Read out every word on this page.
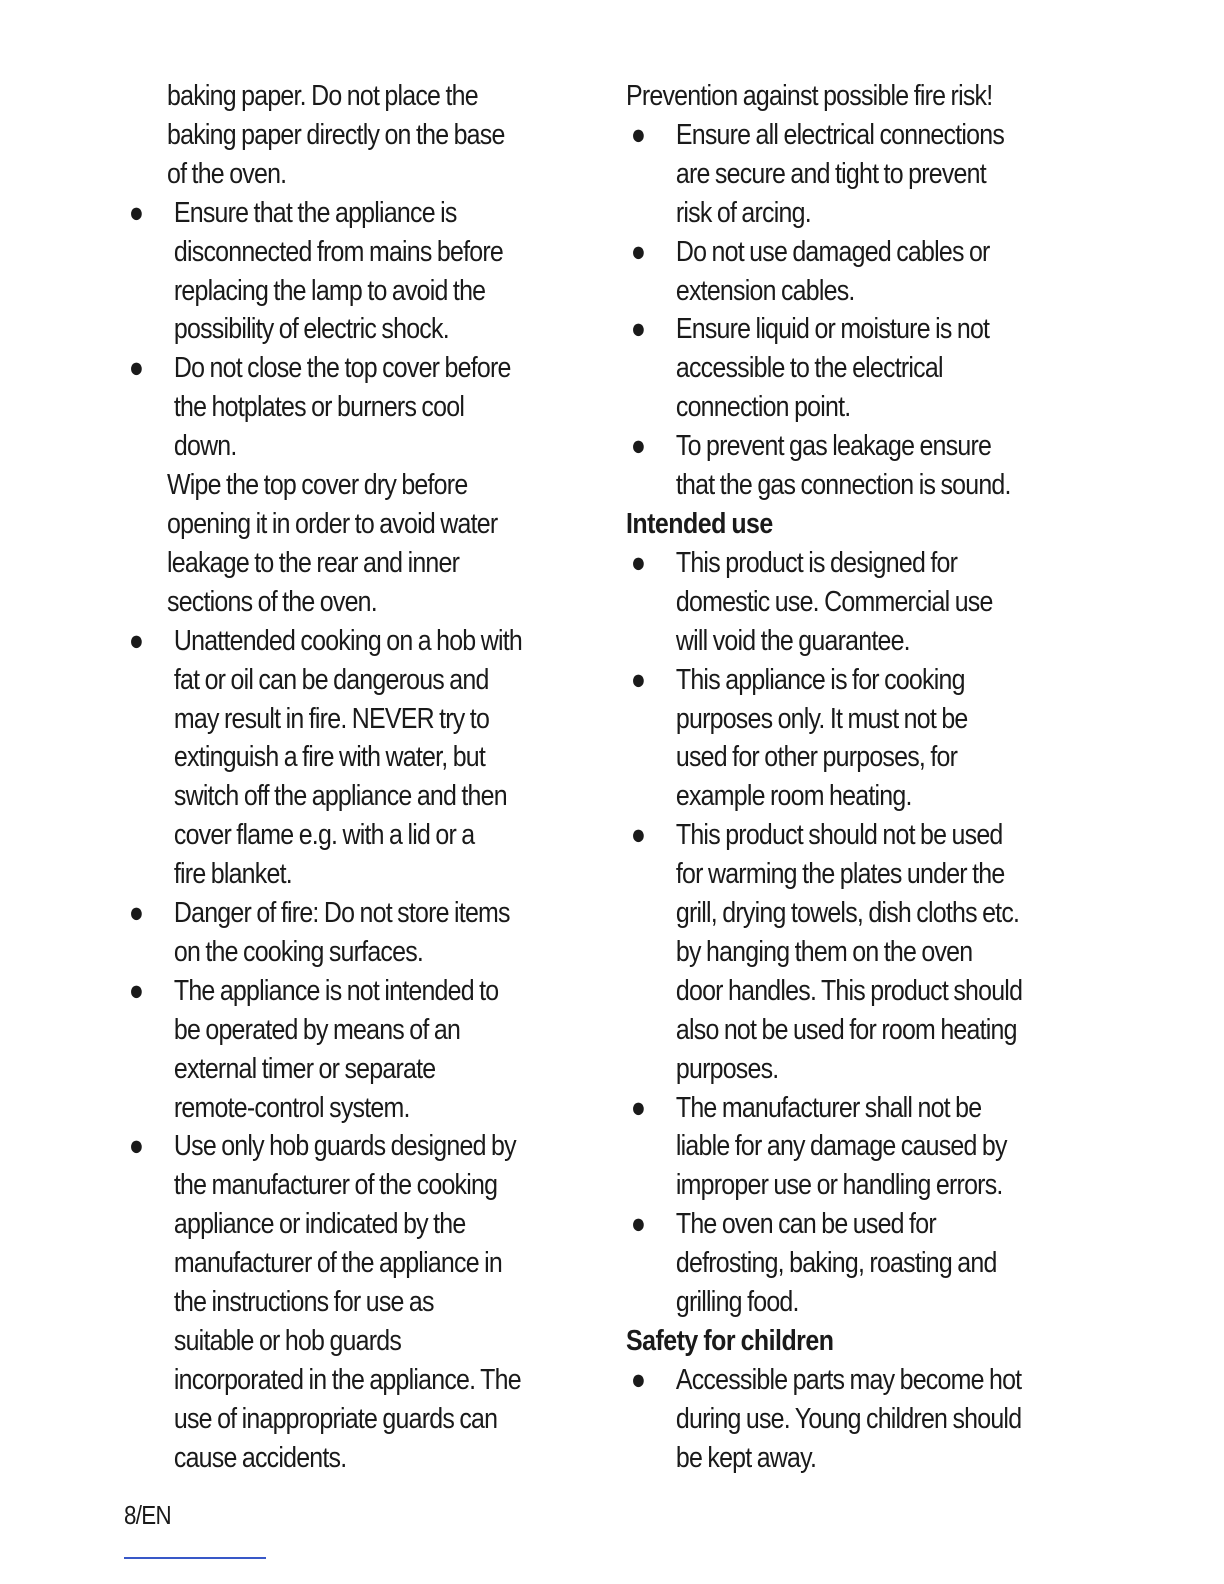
baking paper. Do not place the
baking paper directly on the base
of the oven.
● Ensure that the appliance is
disconnected from mains before
replacing the lamp to avoid the
possibility of electric shock.
● Do not close the top cover before
the hotplates or burners cool
down.
Wipe the top cover dry before
opening it in order to avoid water
leakage to the rear and inner
sections of the oven.
● Unattended cooking on a hob with
fat or oil can be dangerous and
may result in fire. NEVER try to
extinguish a fire with water, but
switch off the appliance and then
cover flame e.g. with a lid or a
fire blanket.
● Danger of fire: Do not store items
on the cooking surfaces.
● The appliance is not intended to
be operated by means of an
external timer or separate
remote-control system.
● Use only hob guards designed by
the manufacturer of the cooking
appliance or indicated by the
manufacturer of the appliance in
the instructions for use as
suitable or hob guards
incorporated in the appliance. The
use of inappropriate guards can
cause accidents.
Prevention against possible fire risk!
● Ensure all electrical connections
are secure and tight to prevent
risk of arcing.
● Do not use damaged cables or
extension cables.
● Ensure liquid or moisture is not
accessible to the electrical
connection point.
● To prevent gas leakage ensure
that the gas connection is sound.
Intended use
● This product is designed for
domestic use. Commercial use
will void the guarantee.
● This appliance is for cooking
purposes only. It must not be
used for other purposes, for
example room heating.
● This product should not be used
for warming the plates under the
grill, drying towels, dish cloths etc.
by hanging them on the oven
door handles. This product should
also not be used for room heating
purposes.
● The manufacturer shall not be
liable for any damage caused by
improper use or handling errors.
● The oven can be used for
defrosting, baking, roasting and
grilling food.
Safety for children
● Accessible parts may become hot
during use. Young children should
be kept away.
8/EN
